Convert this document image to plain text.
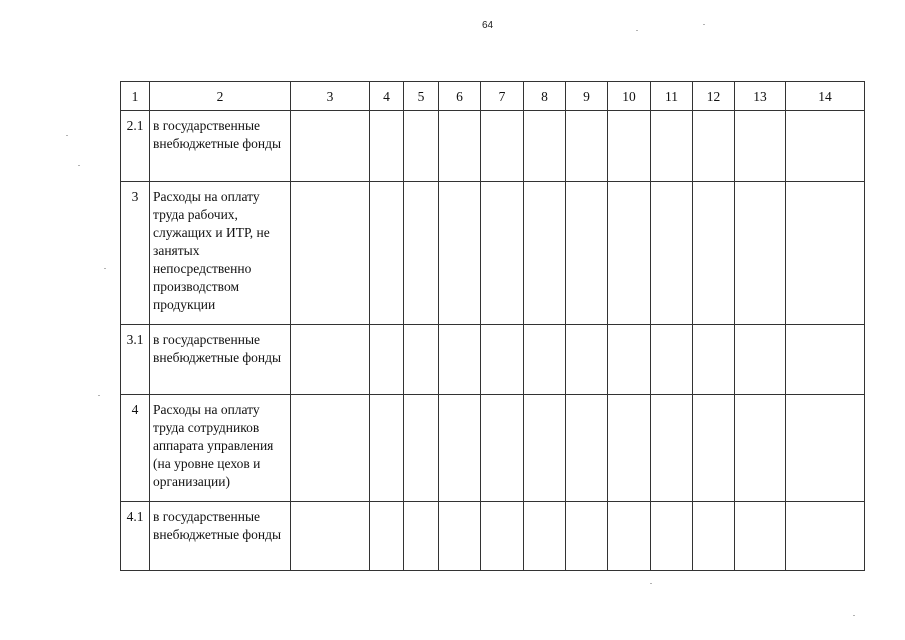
64
1	2	3	4	5	6	7	8	9	10	11	12	13	14
2.1	в государственные внебюджетные фонды												
3	Расходы на оплату труда рабочих, служащих и ИТР, не занятых непосредственно производством продукции												
3.1	в государственные внебюджетные фонды												
4	Расходы на оплату труда сотрудников аппарата управления (на уровне цехов и организации)												
4.1	в государственные внебюджетные фонды												
